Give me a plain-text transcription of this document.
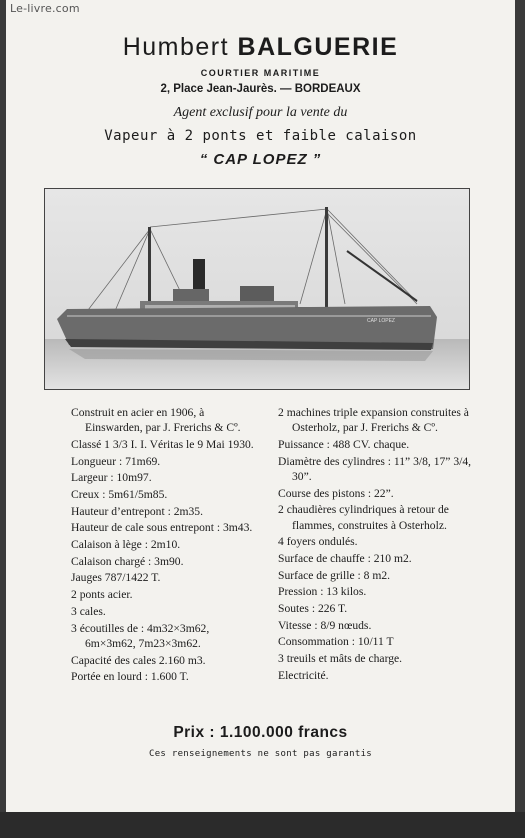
Le-livre.com
Humbert BALGUERIE
COURTIER MARITIME
2, Place Jean-Jaurès. — BORDEAUX
Agent exclusif pour la vente du
Vapeur à 2 ponts et faible calaison
“ CAP LOPEZ ”
CAP LOPEZ
Construit en acier en 1906, à Einswarden, par J. Frerichs & Cº.
Classé 1 3/3 I. I. Véritas le 9 Mai 1930.
Longueur : 71m69.
Largeur : 10m97.
Creux : 5m61/5m85.
Hauteur d’entrepont : 2m35.
Hauteur de cale sous entrepont : 3m43.
Calaison à lège : 2m10.
Calaison chargé : 3m90.
Jauges 787/1422 T.
2 ponts acier.
3 cales.
3 écoutilles de : 4m32×3m62, 6m×3m62, 7m23×3m62.
Capacité des cales 2.160 m3.
Portée en lourd : 1.600 T.
2 machines triple expansion construites à Osterholz, par J. Frerichs & Cº.
Puissance : 488 CV. chaque.
Diamètre des cylindres : 11” 3/8, 17” 3/4, 30”.
Course des pistons : 22”.
2 chaudières cylindriques à retour de flammes, construites à Osterholz.
4 foyers ondulés.
Surface de chauffe : 210 m2.
Surface de grille : 8 m2.
Pression : 13 kilos.
Soutes : 226 T.
Vitesse : 8/9 nœuds.
Consommation : 10/11 T
3 treuils et mâts de charge.
Electricité.
Prix : 1.100.000 francs
Ces renseignements ne sont pas garantis
